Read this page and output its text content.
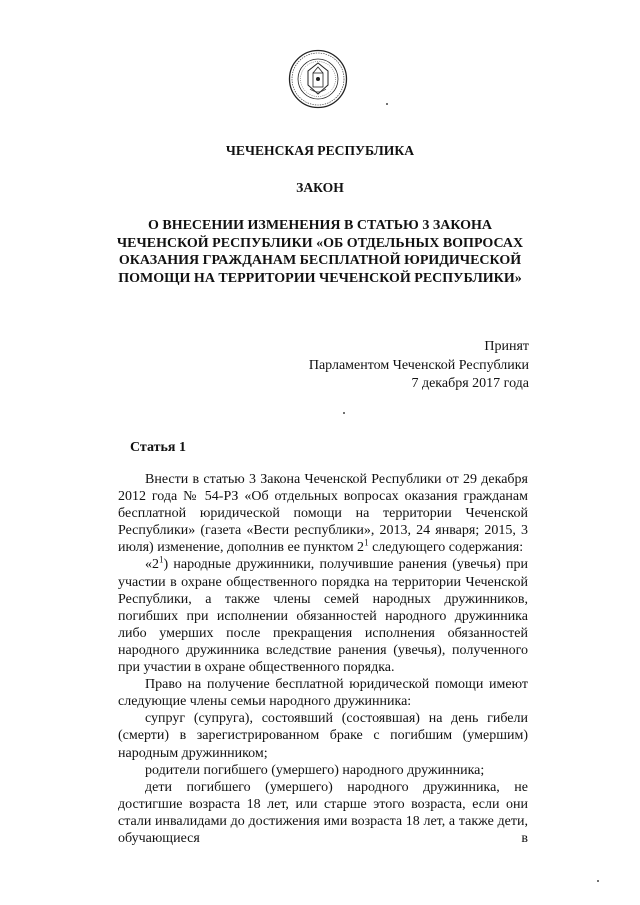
ЧЕЧЕНСКАЯ РЕСПУБЛИКА
ЗАКОН
О ВНЕСЕНИИ ИЗМЕНЕНИЯ В СТАТЬЮ 3 ЗАКОНА
ЧЕЧЕНСКОЙ РЕСПУБЛИКИ «ОБ ОТДЕЛЬНЫХ ВОПРОСАХ
ОКАЗАНИЯ ГРАЖДАНАМ БЕСПЛАТНОЙ ЮРИДИЧЕСКОЙ
ПОМОЩИ НА ТЕРРИТОРИИ ЧЕЧЕНСКОЙ РЕСПУБЛИКИ»
Принят
Парламентом Чеченской Республики
7 декабря 2017 года
Статья 1

Внести в статью 3 Закона Чеченской Республики от 29 декабря 2012 года № 54-РЗ «Об отдельных вопросах оказания гражданам бесплатной юридической помощи на территории Чеченской Республики» (газета «Вести республики», 2013, 24 января; 2015, 3 июля) изменение, дополнив ее пунктом $2^1$ следующего содержания:

«$2^1$) народные дружинники, получившие ранения (увечья) при участии в охране общественного порядка на территории Чеченской Республики, а также члены семей народных дружинников, погибших при исполнении обязанностей народного дружинника либо умерших после прекращения исполнения обязанностей народного дружинника вследствие ранения (увечья), полученного при участии в охране общественного порядка.

Право на получение бесплатной юридической помощи имеют следующие члены семьи народного дружинника:

супруг (супруга), состоявший (состоявшая) на день гибели (смерти) в зарегистрированном браке с погибшим (умершим) народным дружинником;

родители погибшего (умершего) народного дружинника;

дети погибшего (умершего) народного дружинника, не достигшие возраста 18 лет, или старше этого возраста, если они стали инвалидами до достижения ими возраста 18 лет, а также дети, обучающиеся в
